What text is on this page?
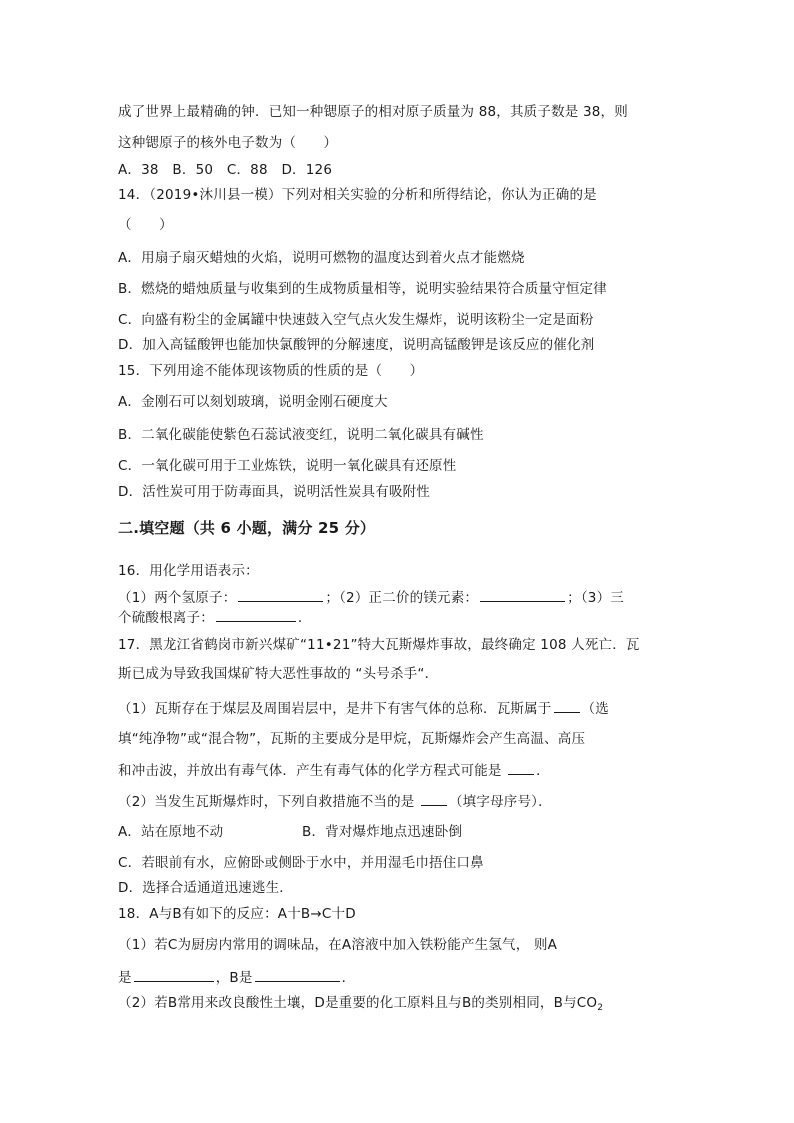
成了世界上最精确的钟．已知一种锶原子的相对原子质量为 88，其质子数是 38，则
这种锶原子的核外电子数为（　　）
A．38　B．50　C．88　D．126
14．（2019•沐川县一模）下列对相关实验的分析和所得结论，你认为正确的是
（　　）
A．用扇子扇灭蜡烛的火焰，说明可燃物的温度达到着火点才能燃烧
B．燃烧的蜡烛质量与收集到的生成物质量相等，说明实验结果符合质量守恒定律
C．向盛有粉尘的金属罐中快速鼓入空气点火发生爆炸，说明该粉尘一定是面粉
D．加入高锰酸钾也能加快氯酸钾的分解速度，说明高锰酸钾是该反应的催化剂
15．下列用途不能体现该物质的性质的是（　　）
A．金刚石可以刻划玻璃，说明金刚石硬度大
B．二氧化碳能使紫色石蕊试液变红，说明二氧化碳具有碱性
C．一氧化碳可用于工业炼铁，说明一氧化碳具有还原性
D．活性炭可用于防毒面具，说明活性炭具有吸附性
二.填空题（共 6 小题，满分 25 分）
16．用化学用语表示：
（1）两个氢原子：	；（2）正二价的镁元素：	；（3）三
个硫酸根离子：	．
17．黑龙江省鹤岗市新兴煤矿“11•21”特大瓦斯爆炸事故，最终确定 108 人死亡．瓦
斯已成为导致我国煤矿特大恶性事故的 “头号杀手“．
（1）瓦斯存在于煤层及周围岩层中，是井下有害气体的总称．瓦斯属于 （选
填“纯净物”或“混合物”，瓦斯的主要成分是甲烷，瓦斯爆炸会产生高温、高压
和冲击波，并放出有毒气体．产生有毒气体的化学方程式可能是 ．
（2）当发生瓦斯爆炸时，下列自救措施不当的是 （填字母序号）．
A．站在原地不动	B．背对爆炸地点迅速卧倒
C．若眼前有水，应俯卧或侧卧于水中，并用湿毛巾捂住口鼻
D．选择合适通道迅速逃生．
18．A与B有如下的反应：A十B→C十D
（1）若C为厨房内常用的调味品，在A溶液中加入铁粉能产生氢气， 则A
是	，B是	．
（2）若B常用来改良酸性土壤，D是重要的化工原料且与B的类别相同，B与$CO_2$
